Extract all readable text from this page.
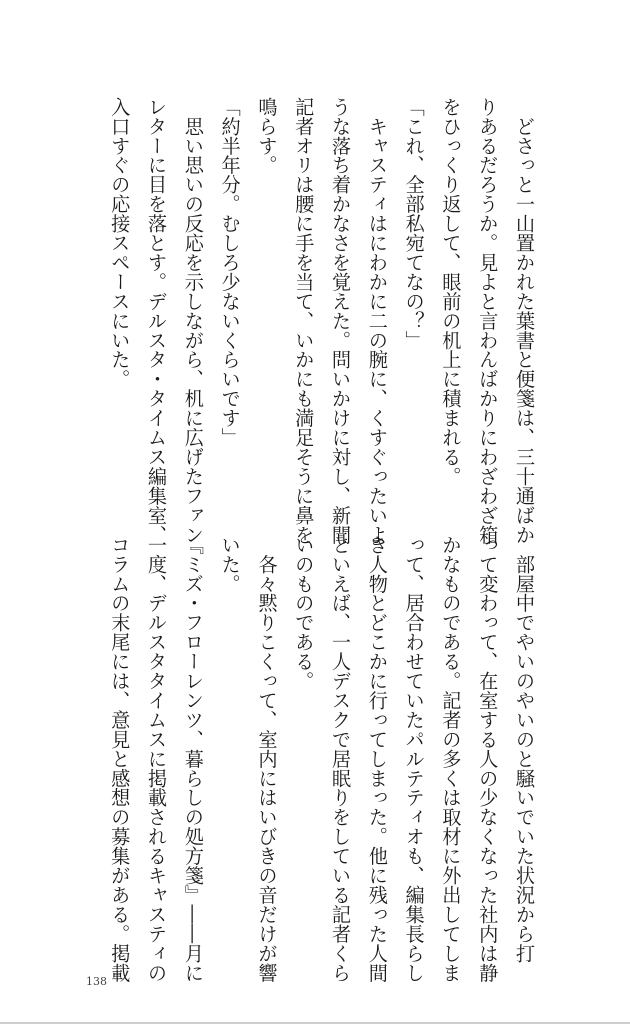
　どさっと一山置かれた葉書と便箋は、三十通ばか
りあるだろうか。見よと言わんばかりにわざわざ箱
をひっくり返して、眼前の机上に積まれる。
「これ、全部私宛てなの？」
　キャスティはにわかに二の腕に、くすぐったいよ
うな落ち着かなさを覚えた。問いかけに対し、新聞
記者オリは腰に手を当て、いかにも満足そうに鼻を
鳴らす。
「約半年分。むしろ少ないくらいです」
　思い思いの反応を示しながら、机に広げたファン
レターに目を落とす。デルスタ・タイムス編集室、
入口すぐの応接スペースにいた。
　部屋中でやいのやいのと騒いでいた状況から打
って変わって、在室する人の少なくなった社内は静
かなものである。記者の多くは取材に外出してしま
って、居合わせていたパルテティオも、編集長らし
き人物とどこかに行ってしまった。他に残った人間
といえば、一人デスクで居眠りをしている記者くら
いのものである。
　各々黙りこくって、室内にはいびきの音だけが響
いた。
『ミズ・フローレンツ、暮らしの処方箋』――月に
一度、デルスタタイムスに掲載されるキャスティの
コラムの末尾には、意見と感想の募集がある。掲載
138
